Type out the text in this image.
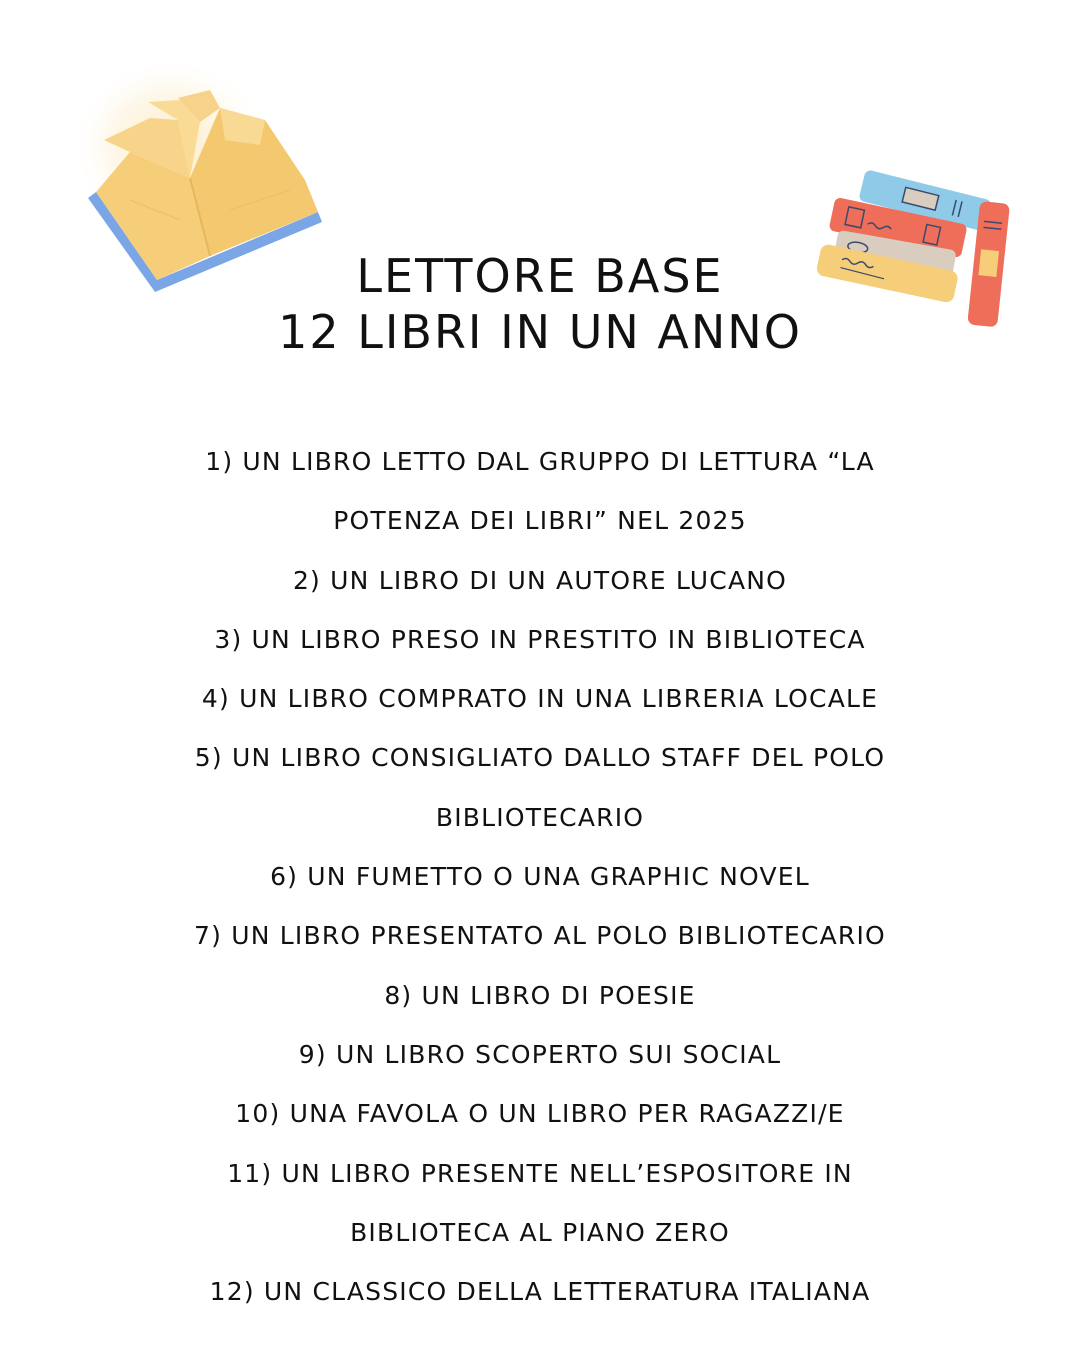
LETTORE BASE
12 LIBRI IN UN ANNO
1) UN LIBRO LETTO DAL GRUPPO DI LETTURA “LA
POTENZA DEI LIBRI” NEL 2025
2) UN LIBRO DI UN AUTORE LUCANO
3) UN LIBRO PRESO IN PRESTITO IN BIBLIOTECA
4) UN LIBRO COMPRATO IN UNA LIBRERIA LOCALE
5) UN LIBRO CONSIGLIATO DALLO STAFF DEL POLO
BIBLIOTECARIO
6) UN FUMETTO O UNA GRAPHIC NOVEL
7) UN LIBRO PRESENTATO AL POLO BIBLIOTECARIO
8) UN LIBRO DI POESIE
9) UN LIBRO SCOPERTO SUI SOCIAL
10) UNA FAVOLA O UN LIBRO PER RAGAZZI/E
11) UN LIBRO PRESENTE NELL’ESPOSITORE IN
BIBLIOTECA AL PIANO ZERO
12) UN CLASSICO DELLA LETTERATURA ITALIANA
